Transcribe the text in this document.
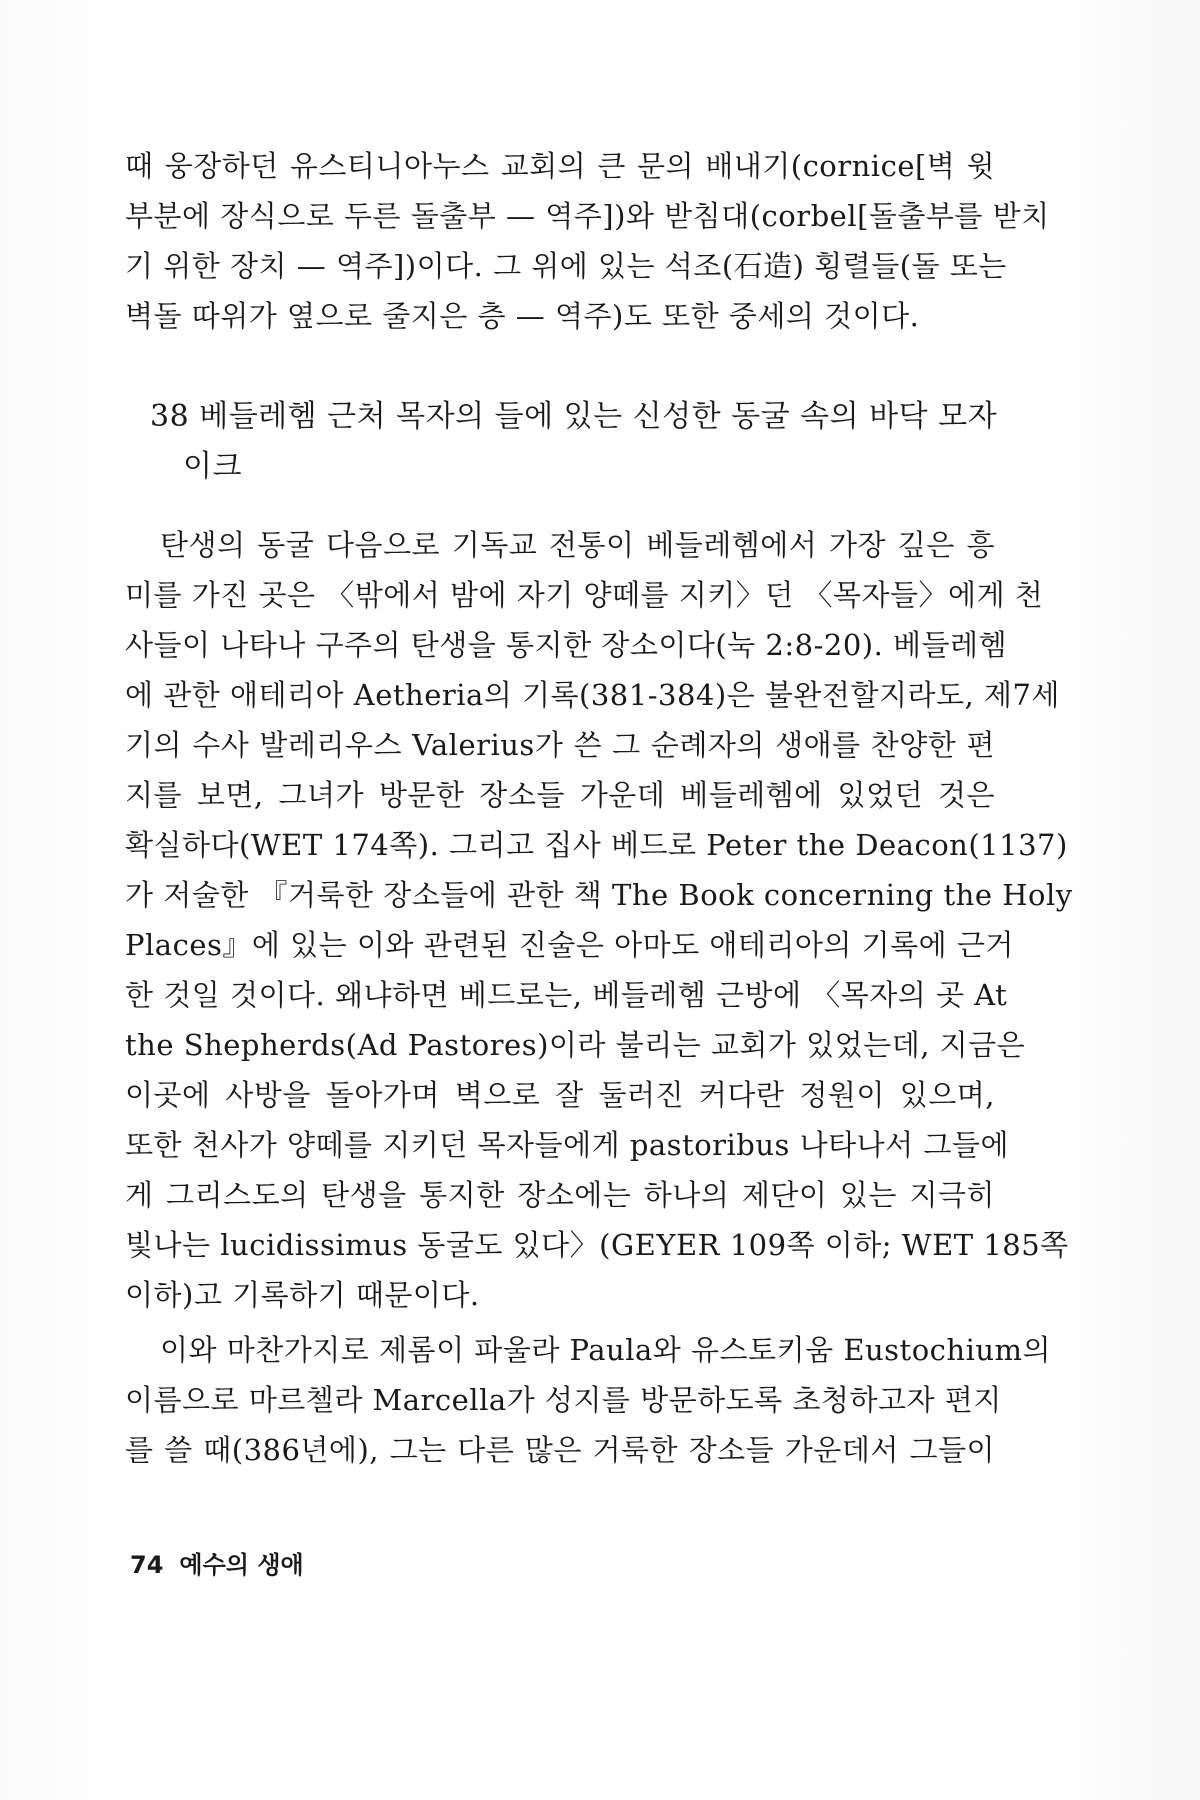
때 웅장하던 유스티니아누스 교회의 큰 문의 배내기(cornice[벽 윗
부분에 장식으로 두른 돌출부 — 역주])와 받침대(corbel[돌출부를 받치
기 위한 장치 — 역주])이다. 그 위에 있는 석조(石造) 횡렬들(돌 또는
벽돌 따위가 옆으로 줄지은 층 — 역주)도 또한 중세의 것이다.
38 베들레헴 근처 목자의 들에 있는 신성한 동굴 속의 바닥 모자
이크
탄생의 동굴 다음으로 기독교 전통이 베들레헴에서 가장 깊은 흥
미를 가진 곳은 〈밖에서 밤에 자기 양떼를 지키〉던 〈목자들〉에게 천
사들이 나타나 구주의 탄생을 통지한 장소이다(눅 2:8-20). 베들레헴
에 관한 애테리아 Aetheria의 기록(381-384)은 불완전할지라도, 제7세
기의 수사 발레리우스 Valerius가 쓴 그 순례자의 생애를 찬양한 편
지를 보면, 그녀가 방문한 장소들 가운데 베들레헴에 있었던 것은
확실하다(WET 174쪽). 그리고 집사 베드로 Peter the Deacon(1137)
가 저술한 『거룩한 장소들에 관한 책 The Book concerning the Holy
Places』에 있는 이와 관련된 진술은 아마도 애테리아의 기록에 근거
한 것일 것이다. 왜냐하면 베드로는, 베들레헴 근방에 〈목자의 곳 At
the Shepherds(Ad Pastores)이라 불리는 교회가 있었는데, 지금은
이곳에 사방을 돌아가며 벽으로 잘 둘러진 커다란 정원이 있으며,
또한 천사가 양떼를 지키던 목자들에게 pastoribus 나타나서 그들에
게 그리스도의 탄생을 통지한 장소에는 하나의 제단이 있는 지극히
빛나는 lucidissimus 동굴도 있다〉(GEYER 109쪽 이하; WET 185쪽
이하)고 기록하기 때문이다.
이와 마찬가지로 제롬이 파울라 Paula와 유스토키움 Eustochium의
이름으로 마르첼라 Marcella가 성지를 방문하도록 초청하고자 편지
를 쓸 때(386년에), 그는 다른 많은 거룩한 장소들 가운데서 그들이
74 예수의 생애
